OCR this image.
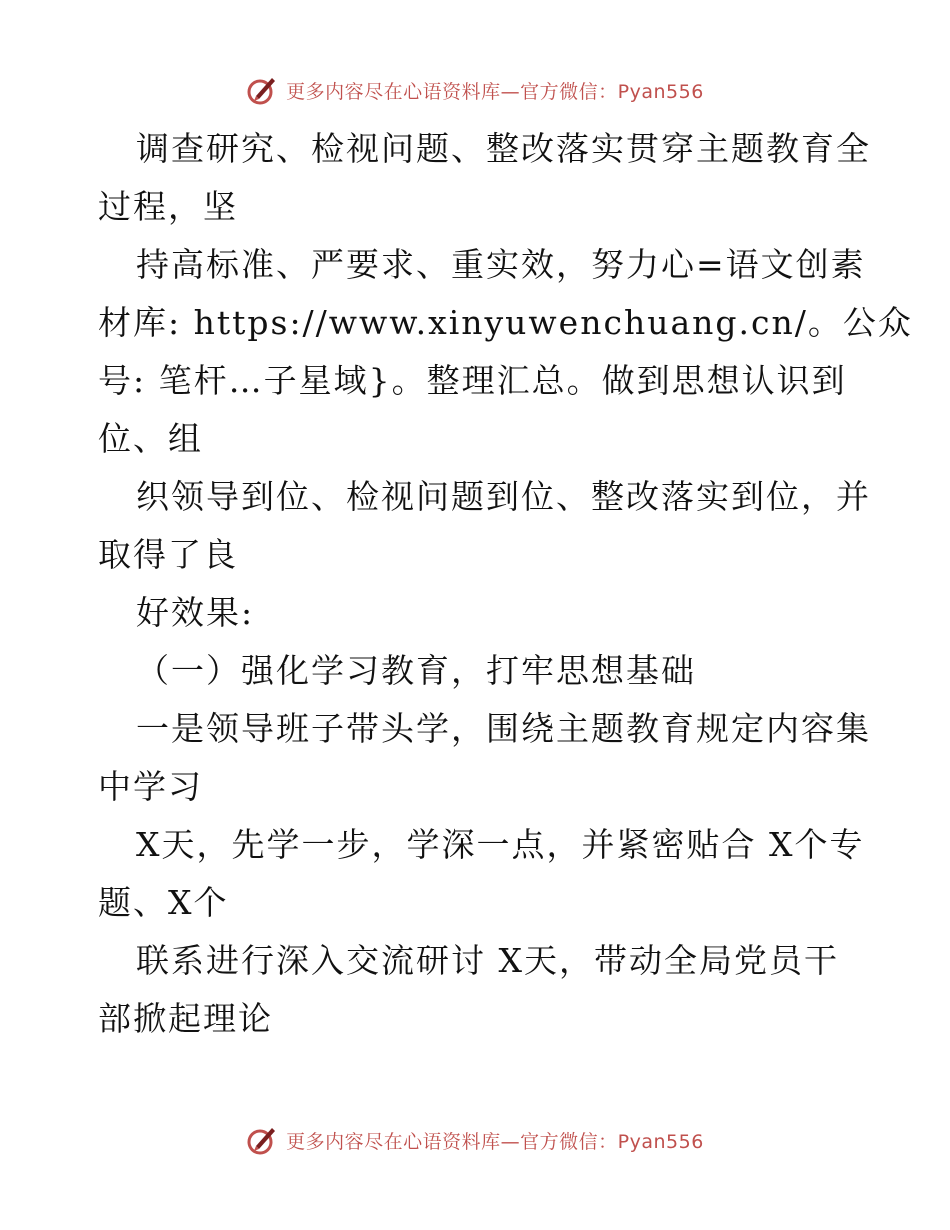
更多内容尽在心语资料库—官方微信：Pyan556
调查研究、检视问题、整改落实贯穿主题教育全
过程，坚
持高标准、严要求、重实效，努力心=语文创素
材库: https://www.xinyuwenchuang.cn/。公众
号: 笔杆…子星域}。整理汇总。做到思想认识到
位、组
织领导到位、检视问题到位、整改落实到位，并
取得了良
好效果:
（一）强化学习教育，打牢思想基础
一是领导班子带头学，围绕主题教育规定内容集
中学习
X天，先学一步，学深一点，并紧密贴合 X个专
题、X个
联系进行深入交流研讨 X天，带动全局党员干
部掀起理论
更多内容尽在心语资料库—官方微信：Pyan556
